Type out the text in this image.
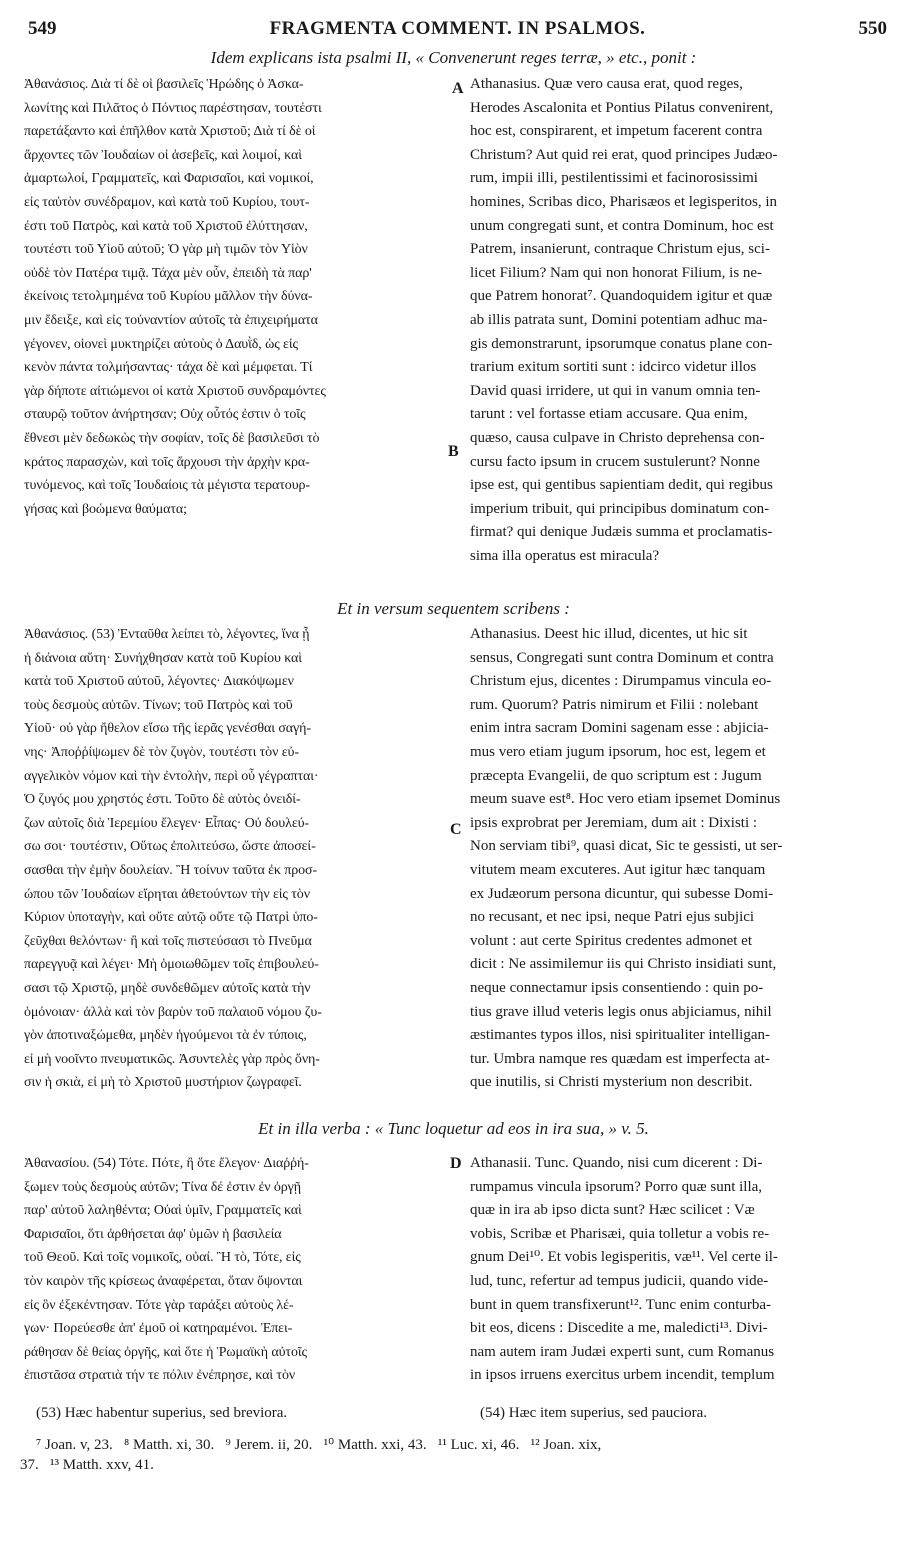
549	FRAGMENTA COMMENT. IN PSALMOS.	550
Idem explicans ista psalmi II, « Convenerunt reges terræ, » etc., ponit :
Ἀθανάσιος. Διὰ τί δὲ οἱ βασιλεῖς Ἡρώδης ὁ Ἀσκα-
λωνίτης καὶ Πιλᾶτος ὁ Πόντιος παρέστησαν, τουτέστι
παρετάξαντο καὶ ἐπῆλθον κατὰ Χριστοῦ; Διὰ τί δὲ οἱ
ἄρχοντες τῶν Ἰουδαίων οἱ ἀσεβεῖς, καὶ λοιμοί, καὶ
ἁμαρτωλοί, Γραμματεῖς, καὶ Φαρισαῖοι, καὶ νομικοί,
εἰς ταὐτὸν συνέδραμον, καὶ κατὰ τοῦ Κυρίου, τουτ-
έστι τοῦ Πατρὸς, καὶ κατὰ τοῦ Χριστοῦ ἐλύττησαν,
τουτέστι τοῦ Υἱοῦ αὐτοῦ; Ὁ γὰρ μὴ τιμῶν τὸν Υἱὸν
οὐδὲ τὸν Πατέρα τιμᾷ. Τάχα μὲν οὖν, ἐπειδὴ τὰ παρ'
ἐκείνοις τετολμημένα τοῦ Κυρίου μᾶλλον τὴν δύνα-
μιν ἔδειξε, καὶ εἰς τοὐναντίον αὐτοῖς τὰ ἐπιχειρήματα
γέγονεν, οἱονεὶ μυκτηρίζει αὐτοὺς ὁ Δαυῒδ, ὡς εἰς
κενὸν πάντα τολμήσαντας· τάχα δὲ καὶ μέμφεται. Τί
γὰρ δήποτε αἰτιώμενοι οἱ κατὰ Χριστοῦ συνδραμόντες
σταυρῷ τοῦτον ἀνήρτησαν; Οὐχ οὗτός ἐστιν ὁ τοῖς
ἔθνεσι μὲν δεδωκὼς τὴν σοφίαν, τοῖς δὲ βασιλεῦσι τὸ
κράτος παρασχὼν, καὶ τοῖς ἄρχουσι τὴν ἀρχὴν κρα-
τυνόμενος, καὶ τοῖς Ἰουδαίοις τὰ μέγιστα τερατουρ-
γήσας καὶ βοώμενα θαύματα;
Athanasius. Quæ vero causa erat, quod reges,
Herodes Ascalonita et Pontius Pilatus convenirent,
hoc est, conspirarent, et impetum facerent contra
Christum? Aut quid rei erat, quod principes Judæo-
rum, impii illi, pestilentissimi et facinorosissimi
homines, Scribas dico, Pharisæos et legisperitos, in
unum congregati sunt, et contra Dominum, hoc est
Patrem, insanierunt, contraque Christum ejus, sci-
licet Filium? Nam qui non honorat Filium, is ne-
que Patrem honorat⁷. Quandoquidem igitur et quæ
ab illis patrata sunt, Domini potentiam adhuc ma-
gis demonstrarunt, ipsorumque conatus plane con-
trarium exitum sortiti sunt : idcirco videtur illos
David quasi irridere, ut qui in vanum omnia ten-
tarunt : vel fortasse etiam accusare. Qua enim,
quæso, causa culpave in Christo deprehensa con-
cursu facto ipsum in crucem sustulerunt? Nonne
ipse est, qui gentibus sapientiam dedit, qui regibus
imperium tribuit, qui principibus dominatum con-
firmat? qui denique Judæis summa et proclamatis-
sima illa operatus est miracula?
A
B
Et in versum sequentem scribens :
Ἀθανάσιος. (53) Ἐνταῦθα λείπει τὸ, λέγοντες, ἵνα ᾖ
ἡ διάνοια αὕτη· Συνήχθησαν κατὰ τοῦ Κυρίου καὶ
κατὰ τοῦ Χριστοῦ αὐτοῦ, λέγοντες· Διακόψωμεν
τοὺς δεσμοὺς αὐτῶν. Τίνων; τοῦ Πατρὸς καὶ τοῦ
Υἱοῦ· οὐ γὰρ ἤθελον εἴσω τῆς ἱερᾶς γενέσθαι σαγή-
νης· Ἀποῤῥίψωμεν δὲ τὸν ζυγὸν, τουτέστι τὸν εὐ-
αγγελικὸν νόμον καὶ τὴν ἐντολὴν, περὶ οὗ γέγραπται·
Ὁ ζυγός μου χρηστός ἐστι. Τοῦτο δὲ αὐτὸς ὀνειδί-
ζων αὐτοῖς διὰ Ἱερεμίου ἔλεγεν· Εἶπας· Οὐ δουλεύ-
σω σοι· τουτέστιν, Οὕτως ἐπολιτεύσω, ὥστε ἀποσεί-
σασθαι τὴν ἐμὴν δουλείαν. Ἢ τοίνυν ταῦτα ἐκ προσ-
ώπου τῶν Ἰουδαίων εἴρηται ἀθετούντων τὴν εἰς τὸν
Κύριον ὑποταγὴν, καὶ οὔτε αὐτῷ οὔτε τῷ Πατρὶ ὑπο-
ζεῦχθαι θελόντων· ἢ καὶ τοῖς πιστεύσασι τὸ Πνεῦμα
παρεγγυᾷ καὶ λέγει· Μὴ ὁμοιωθῶμεν τοῖς ἐπιβουλεύ-
σασι τῷ Χριστῷ, μηδὲ συνδεθῶμεν αὐτοῖς κατὰ τὴν
ὁμόνοιαν· ἀλλὰ καὶ τὸν βαρὺν τοῦ παλαιοῦ νόμου ζυ-
γὸν ἀποτιναξώμεθα, μηδὲν ἡγούμενοι τὰ ἐν τύποις,
εἰ μὴ νοοῖντο πνευματικῶς. Ἀσυντελὲς γὰρ πρὸς ὄνη-
σιν ἡ σκιὰ, εἰ μὴ τὸ Χριστοῦ μυστήριον ζωγραφεῖ.
Athanasius. Deest hic illud, dicentes, ut hic sit
sensus, Congregati sunt contra Dominum et contra
Christum ejus, dicentes : Dirumpamus vincula eo-
rum. Quorum? Patris nimirum et Filii : nolebant
enim intra sacram Domini sagenam esse : abjicia-
mus vero etiam jugum ipsorum, hoc est, legem et
præcepta Evangelii, de quo scriptum est : Jugum
meum suave est⁸. Hoc vero etiam ipsemet Dominus
ipsis exprobrat per Jeremiam, dum ait : Dixisti :
Non serviam tibi⁹, quasi dicat, Sic te gessisti, ut ser-
vitutem meam excuteres. Aut igitur hæc tanquam
ex Judæorum persona dicuntur, qui subesse Domi-
no recusant, et nec ipsi, neque Patri ejus subjici
volunt : aut certe Spiritus credentes admonet et
dicit : Ne assimilemur iis qui Christo insidiati sunt,
neque connectamur ipsis consentiendo : quin po-
tius grave illud veteris legis onus abjiciamus, nihil
æstimantes typos illos, nisi spiritualiter intelligan-
tur. Umbra namque res quædam est imperfecta at-
que inutilis, si Christi mysterium non describit.
C
Et in illa verba : « Tunc loquetur ad eos in ira sua, » v. 5.
Ἀθανασίου. (54) Τότε. Πότε, ἢ ὅτε ἔλεγον· Διαῤῥή-
ξωμεν τοὺς δεσμοὺς αὐτῶν; Τίνα δέ ἐστιν ἐν ὀργῇ
παρ' αὐτοῦ λαληθέντα; Οὐαὶ ὑμῖν, Γραμματεῖς καὶ
Φαρισαῖοι, ὅτι ἀρθήσεται ἀφ' ὑμῶν ἡ βασιλεία
τοῦ Θεοῦ. Καὶ τοῖς νομικοῖς, οὐαί. Ἢ τὸ, Τότε, εἰς
τὸν καιρὸν τῆς κρίσεως ἀναφέρεται, ὅταν ὄψονται
εἰς ὃν ἐξεκέντησαν. Τότε γὰρ ταράξει αὐτοὺς λέ-
γων· Πορεύεσθε ἀπ' ἐμοῦ οἱ κατηραμένοι. Ἐπει-
ράθησαν δὲ θείας ὀργῆς, καὶ ὅτε ἡ Ῥωμαϊκὴ αὐτοῖς
ἐπιστᾶσα στρατιὰ τήν τε πόλιν ἐνέπρησε, καὶ τὸν
Athanasii. Tunc. Quando, nisi cum dicerent : Di-
rumpamus vincula ipsorum? Porro quæ sunt illa,
quæ in ira ab ipso dicta sunt? Hæc scilicet : Væ
vobis, Scribæ et Pharisæi, quia tolletur a vobis re-
gnum Dei¹⁰. Et vobis legisperitis, væ¹¹. Vel certe il-
lud, tunc, refertur ad tempus judicii, quando vide-
bunt in quem transfixerunt¹². Tunc enim conturba-
bit eos, dicens : Discedite a me, maledicti¹³. Divi-
nam autem iram Judæi experti sunt, cum Romanus
in ipsos irruens exercitus urbem incendit, templum
D
(53) Hæc habentur superius, sed breviora.	(54) Hæc item superius, sed pauciora.
⁷ Joan. v, 23.   ⁸ Matth. xi, 30.   ⁹ Jerem. ii, 20.   ¹⁰ Matth. xxi, 43.   ¹¹ Luc. xi, 46.   ¹² Joan. xix,
37.   ¹³ Matth. xxv, 41.
